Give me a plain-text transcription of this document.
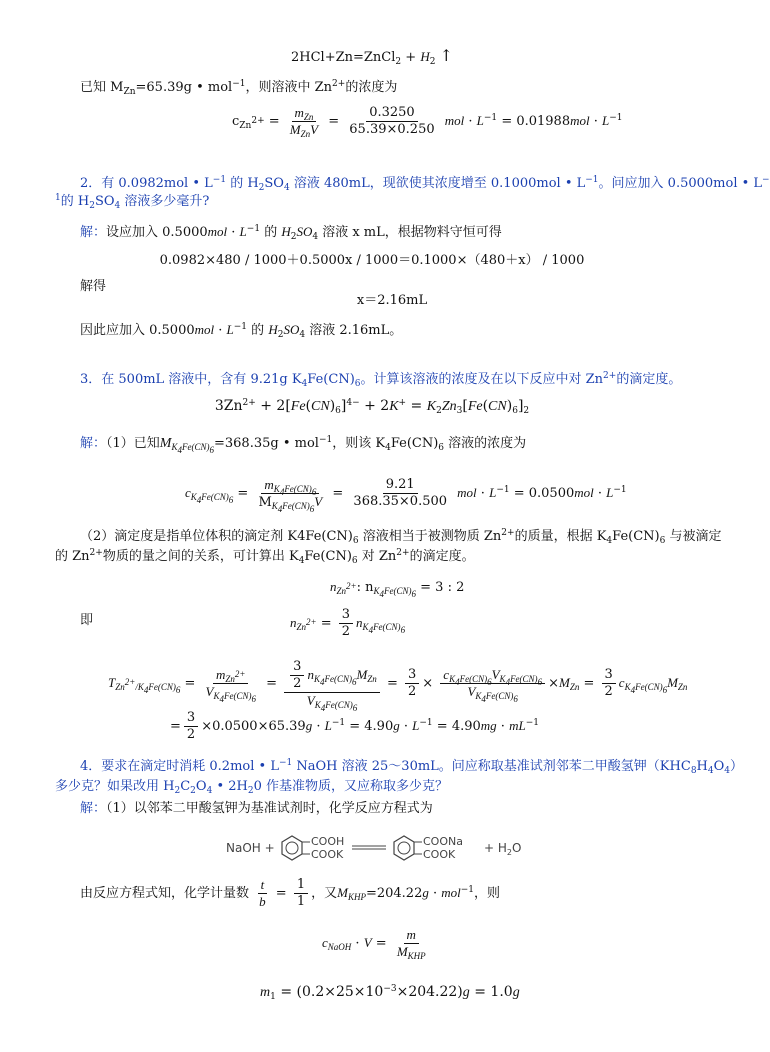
2HCl+Zn=ZnCl$_2$ + $H_2$ ↑
已知 $M_{Zn}=65.39g$ • mol$^{-1}$，则溶液中 $Zn^{2+}$的浓度为
$c_{Zn^{2+}} = \frac{m_{Zn}}{M_{Zn}V} = \frac{0.3250}{65.39\times 0.250}$ mol · $L^{-1} = 0.01988mol \cdot L^{-1}$
2．有 0.0982mol • $L^{-1}$ 的 $H_2SO_4$ 溶液 480mL，现欲使其浓度增至 0.1000mol • $L^{-1}$。问应加入 0.5000mol • L−
$^1$的 $H_2SO_4$ 溶液多少毫升?
解：设应加入 $0.5000mol \cdot L^{-1}$ 的 $H_2SO_4$ 溶液 x mL，根据物料守恒可得
0.0982×480 / 1000＋0.5000x / 1000＝0.1000×（480＋x） / 1000
解得
x＝2.16mL
因此应加入 $0.5000mol \cdot L^{-1}$ 的 $H_2SO_4$ 溶液 2.16mL。
3．在 500mL 溶液中，含有 9.21g $K_4Fe(CN)_6$。计算该溶液的浓度及在以下反应中对 $Zn^{2+}$的滴定度。
$3Zn^{2+} + 2[Fe(CN)_6]^{4-} + 2K^+ = K_2Zn_3[Fe(CN)_6]_2$
解：（1）已知$M_{K_4Fe(CN)_6}=368.35g$ • mol$^{-1}$，则该 $K_4Fe(CN)_6$ 溶液的浓度为
$c_{K_4Fe(CN)_6} = \frac{m_{K_4Fe(CN)_6}}{M_{K_4Fe(CN)_6}V} = \frac{9.21}{368.35\times 0.500}$ mol · $L^{-1} = 0.0500mol \cdot L^{-1}$
（2）滴定度是指单位体积的滴定剂 $K4Fe(CN)_6$ 溶液相当于被测物质 $Zn^{2+}$的质量，根据 $K_4Fe(CN)_6$ 与被滴定
的 $Zn^{2+}$物质的量之间的关系，可计算出 $K_4Fe(CN)_6$ 对 $Zn^{2+}$的滴定度。
$n_{Zn^{2+}}$: $n_{K_4Fe(CN)_6} = 3$ : 2
即	$n_{Zn^{2+}} = \frac{3}{2} n_{K_4Fe(CN)_6}$
$T_{Zn^{2+}/K_4Fe(CN)_6} = \frac{m_{Zn^{2+}}}{V_{K_4Fe(CN)_6}} = \frac{\frac{3}{2} n_{K_4Fe(CN)_6}M_{Zn}}{V_{K_4Fe(CN)_6}} = \frac{3}{2} \times \frac{c_{K_4Fe(CN)_6}V_{K_4Fe(CN)_6}}{V_{K_4Fe(CN)_6}} \times M_{Zn} = \frac{3}{2} c_{K_4Fe(CN)_6}M_{Zn}$
= $\frac{3}{2} \times 0.0500\times 65.39g \cdot L^{-1} = 4.90g \cdot L^{-1} = 4.90mg \cdot mL^{-1}$
4．要求在滴定时消耗 0.2mol • $L^{-1}$ NaOH 溶液 25～30mL。问应称取基准试剂邻苯二甲酸氢钾$(KHC_8H_4O_4)$
多少克？如果改用 $H_2C_2O_4$ • $2H_20$ 作基准物质，又应称取多少克？
解：（1）以邻苯二甲酸氢钾为基准试剂时，化学反应方程式为
NaOH +	COOH
COOK
COONa
COOK + $H_2O$
由反应方程式知，化学计量数 $\frac{t}{b} = \frac{1}{1}$ ，又$M_{KHP}=204.22g \cdot mol^{-1}$，则
$c_{NaOH} \cdot V = \frac{m}{M_{KHP}}$
$m_1 = (0.2\times 25\times 10^{-3}\times 204.22)g = 1.0g$
